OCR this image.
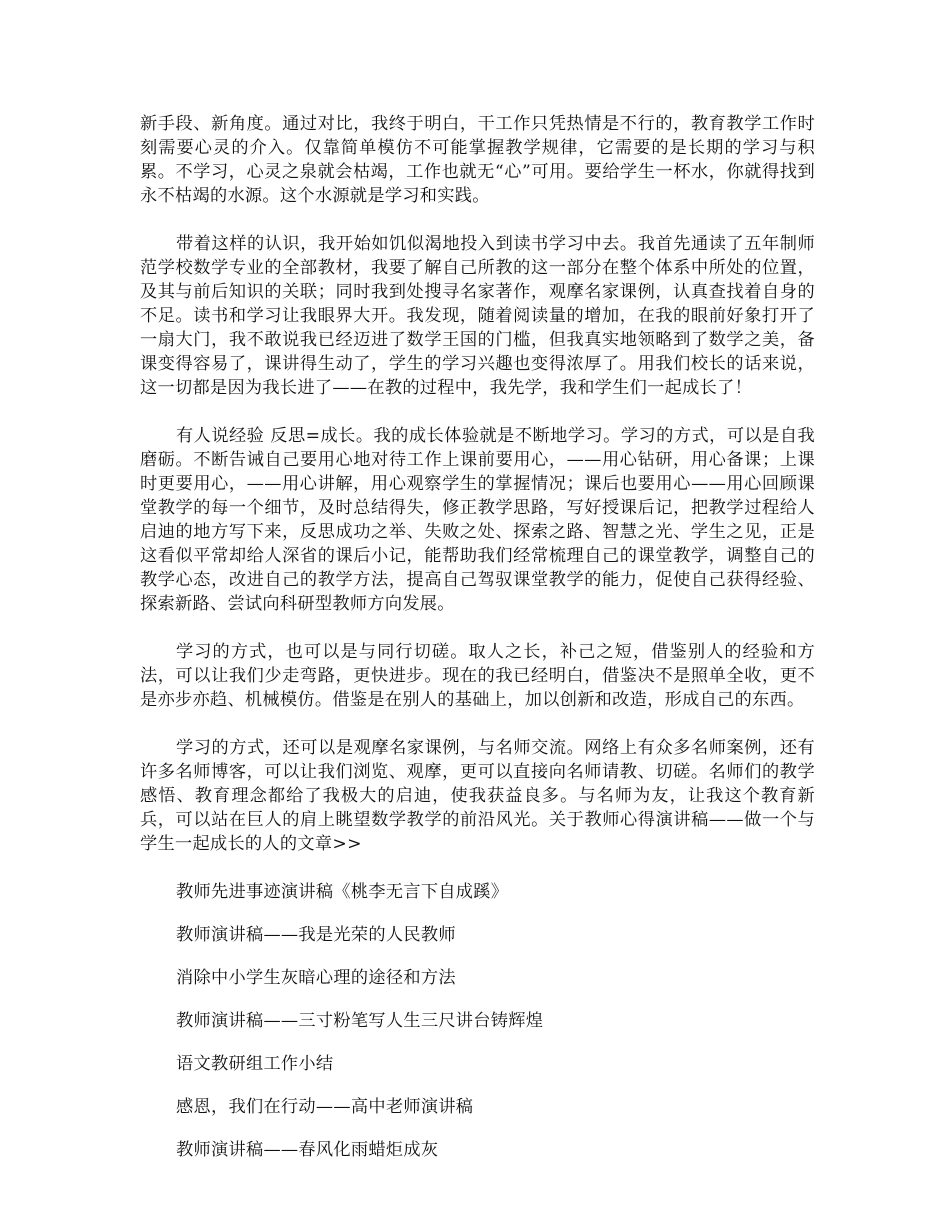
新手段、新角度。通过对比，我终于明白，干工作只凭热情是不行的，教育教学工作时刻需要心灵的介入。仅靠简单模仿不可能掌握教学规律，它需要的是长期的学习与积累。不学习，心灵之泉就会枯竭，工作也就无“心”可用。要给学生一杯水，你就得找到永不枯竭的水源。这个水源就是学习和实践。

带着这样的认识，我开始如饥似渴地投入到读书学习中去。我首先通读了五年制师范学校数学专业的全部教材，我要了解自己所教的这一部分在整个体系中所处的位置，及其与前后知识的关联；同时我到处搜寻名家著作，观摩名家课例，认真查找着自身的不足。读书和学习让我眼界大开。我发现，随着阅读量的增加，在我的眼前好象打开了一扇大门，我不敢说我已经迈进了数学王国的门槛，但我真实地领略到了数学之美，备课变得容易了，课讲得生动了，学生的学习兴趣也变得浓厚了。用我们校长的话来说，这一切都是因为我长进了——在教的过程中，我先学，我和学生们一起成长了！

有人说经验 反思=成长。我的成长体验就是不断地学习。学习的方式，可以是自我磨砺。不断告诫自己要用心地对待工作上课前要用心，——用心钻研，用心备课；上课时更要用心，——用心讲解，用心观察学生的掌握情况；课后也要用心——用心回顾课堂教学的每一个细节，及时总结得失，修正教学思路，写好授课后记，把教学过程给人启迪的地方写下来，反思成功之举、失败之处、探索之路、智慧之光、学生之见，正是这看似平常却给人深省的课后小记，能帮助我们经常梳理自己的课堂教学，调整自己的教学心态，改进自己的教学方法，提高自己驾驭课堂教学的能力，促使自己获得经验、探索新路、尝试向科研型教师方向发展。

学习的方式，也可以是与同行切磋。取人之长，补己之短，借鉴别人的经验和方法，可以让我们少走弯路，更快进步。现在的我已经明白，借鉴决不是照单全收，更不是亦步亦趋、机械模仿。借鉴是在别人的基础上，加以创新和改造，形成自己的东西。

学习的方式，还可以是观摩名家课例，与名师交流。网络上有众多名师案例，还有许多名师博客，可以让我们浏览、观摩，更可以直接向名师请教、切磋。名师们的教学感悟、教育理念都给了我极大的启迪，使我获益良多。与名师为友，让我这个教育新兵，可以站在巨人的肩上眺望数学教学的前沿风光。关于教师心得演讲稿——做一个与学生一起成长的人的文章>>

教师先进事迹演讲稿《桃李无言下自成蹊》
教师演讲稿——我是光荣的人民教师
消除中小学生灰暗心理的途径和方法
教师演讲稿——三寸粉笔写人生三尺讲台铸辉煌
语文教研组工作小结
感恩，我们在行动——高中老师演讲稿
教师演讲稿——春风化雨蜡炬成灰
